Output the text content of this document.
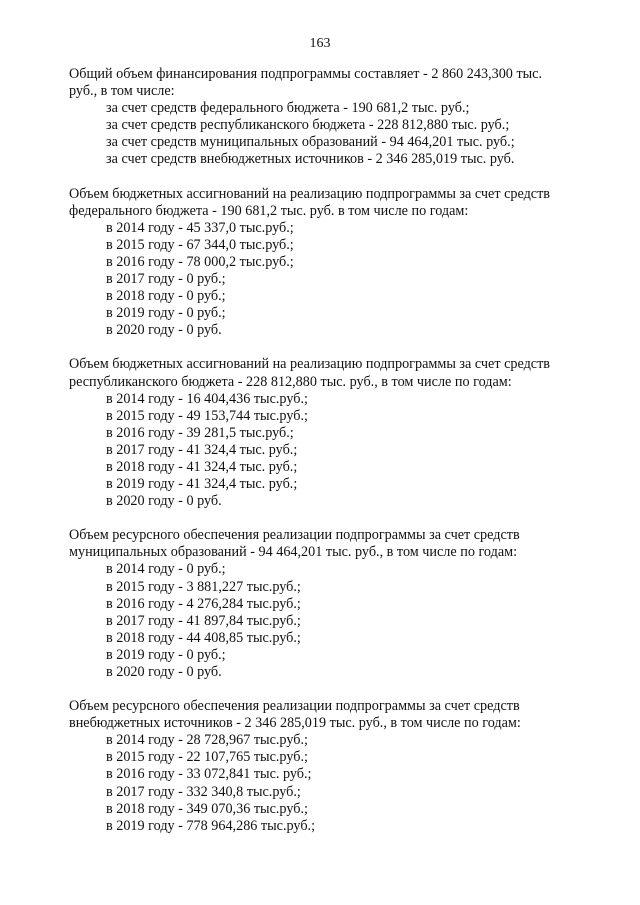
163
Общий объем финансирования подпрограммы составляет - 2 860 243,300 тыс.
руб., в том числе:
за счет средств федерального бюджета - 190 681,2 тыс. руб.;
за счет средств республиканского бюджета - 228 812,880 тыс. руб.;
за счет средств муниципальных образований - 94 464,201 тыс. руб.;
за счет средств внебюджетных источников - 2 346 285,019 тыс. руб.
Объем бюджетных ассигнований на реализацию подпрограммы за счет средств
федерального бюджета - 190 681,2 тыс. руб. в том числе по годам:
в 2014 году - 45 337,0 тыс.руб.;
в 2015 году - 67 344,0 тыс.руб.;
в 2016 году - 78 000,2 тыс.руб.;
в 2017 году - 0 руб.;
в 2018 году - 0 руб.;
в 2019 году - 0 руб.;
в 2020 году - 0 руб.
Объем бюджетных ассигнований на реализацию подпрограммы за счет средств
республиканского бюджета - 228 812,880 тыс. руб., в том числе по годам:
в 2014 году - 16 404,436 тыс.руб.;
в 2015 году - 49 153,744 тыс.руб.;
в 2016 году - 39 281,5 тыс.руб.;
в 2017 году - 41 324,4 тыс. руб.;
в 2018 году - 41 324,4 тыс. руб.;
в 2019 году - 41 324,4 тыс. руб.;
в 2020 году - 0 руб.
Объем ресурсного обеспечения реализации подпрограммы за счет средств
муниципальных образований - 94 464,201 тыс. руб., в том числе по годам:
в 2014 году - 0 руб.;
в 2015 году - 3 881,227 тыс.руб.;
в 2016 году - 4 276,284 тыс.руб.;
в 2017 году - 41 897,84 тыс.руб.;
в 2018 году - 44 408,85 тыс.руб.;
в 2019 году - 0 руб.;
в 2020 году - 0 руб.
Объем ресурсного обеспечения реализации подпрограммы за счет средств
внебюджетных источников - 2 346 285,019 тыс. руб., в том числе по годам:
в 2014 году - 28 728,967 тыс.руб.;
в 2015 году - 22 107,765 тыс.руб.;
в 2016 году - 33 072,841 тыс. руб.;
в 2017 году - 332 340,8 тыс.руб.;
в 2018 году - 349 070,36 тыс.руб.;
в 2019 году - 778 964,286 тыс.руб.;
